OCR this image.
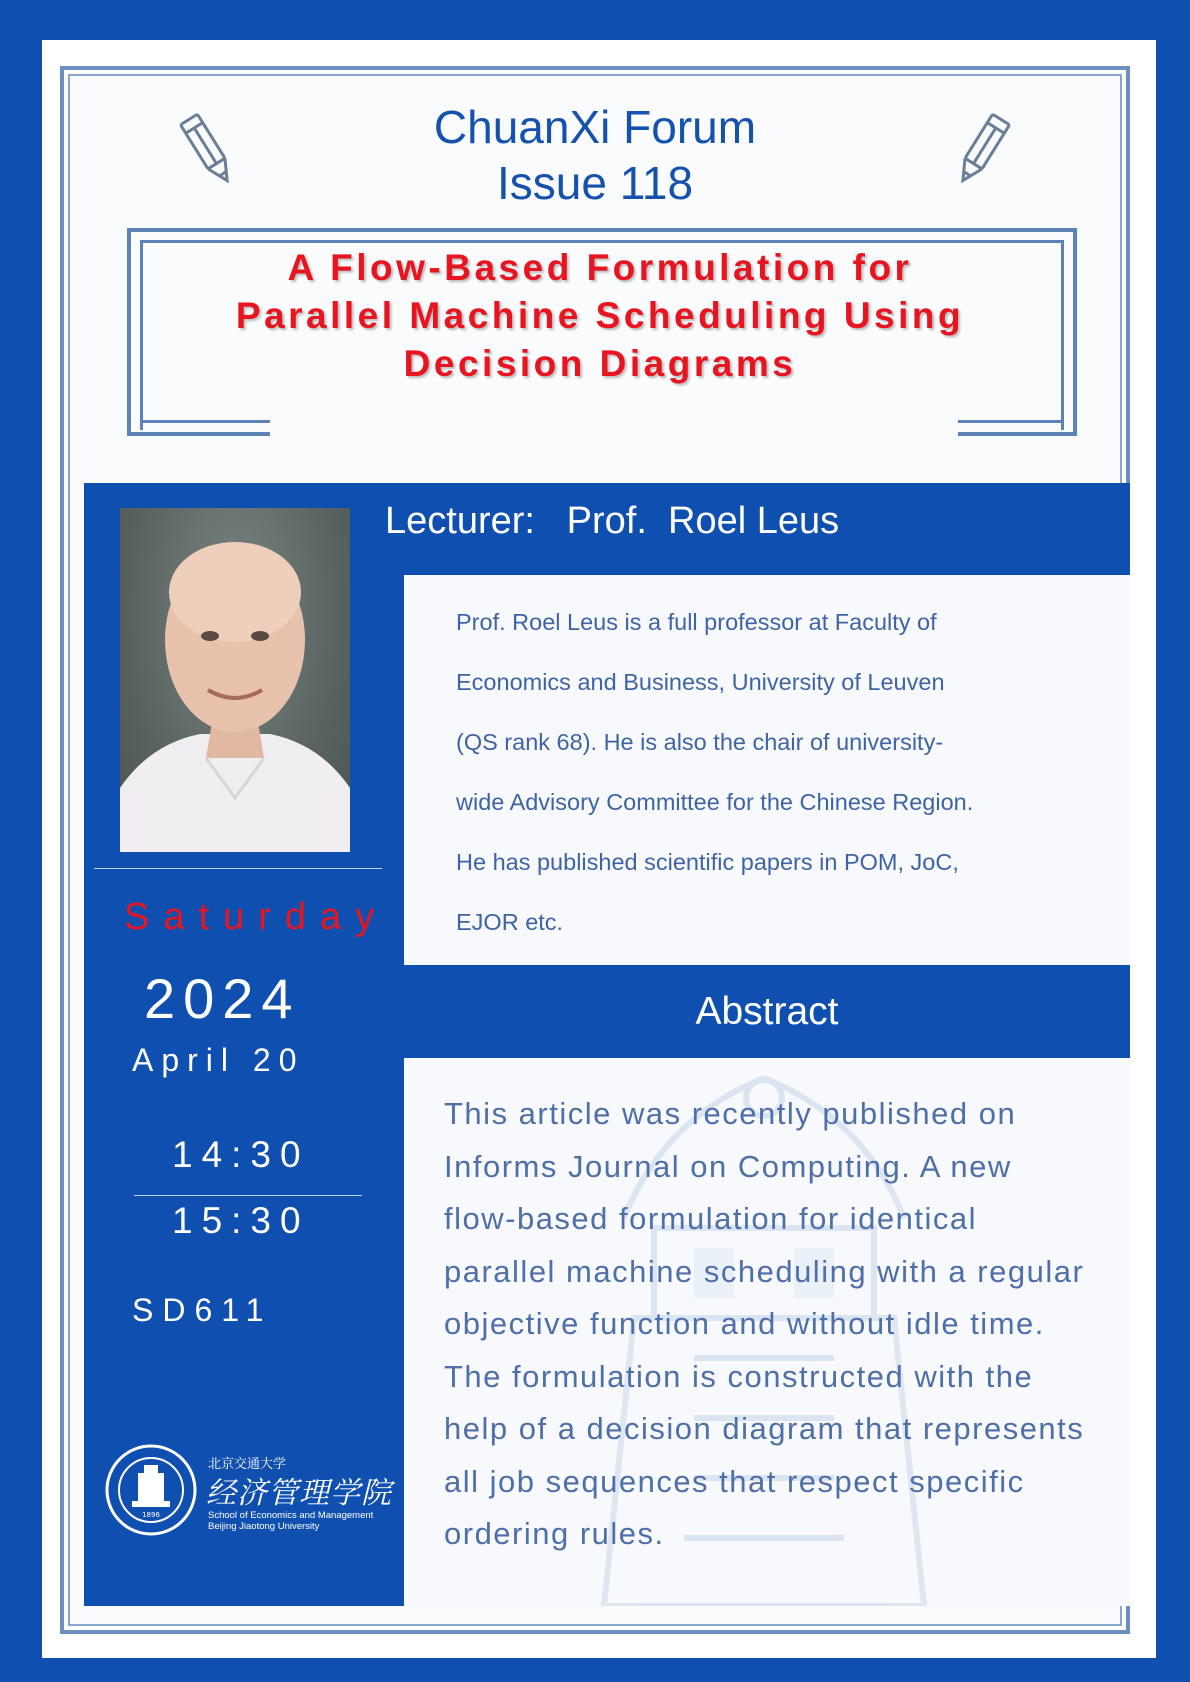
ChuanXi Forum
Issue 118
A Flow-Based Formulation for
Parallel Machine Scheduling Using
Decision Diagrams
Lecturer:   Prof.  Roel Leus
Prof. Roel Leus is a full professor at Faculty of
Economics and Business, University of Leuven
(QS rank 68). He is also the chair of university-
wide Advisory Committee for the Chinese Region.
He has published scientific papers in POM, JoC,
EJOR etc.
Saturday
2024
April 20
14:30
15:30
SD611
Abstract
This article was recently published on
Informs Journal on Computing. A new
flow-based formulation for identical
parallel machine scheduling with a regular
objective function and without idle time.
The formulation is constructed with the
help of a decision diagram that represents
all job sequences that respect specific
ordering rules.
1896
北京交通大学
经济管理学院
School of Economics and Management
Beijing Jiaotong University
